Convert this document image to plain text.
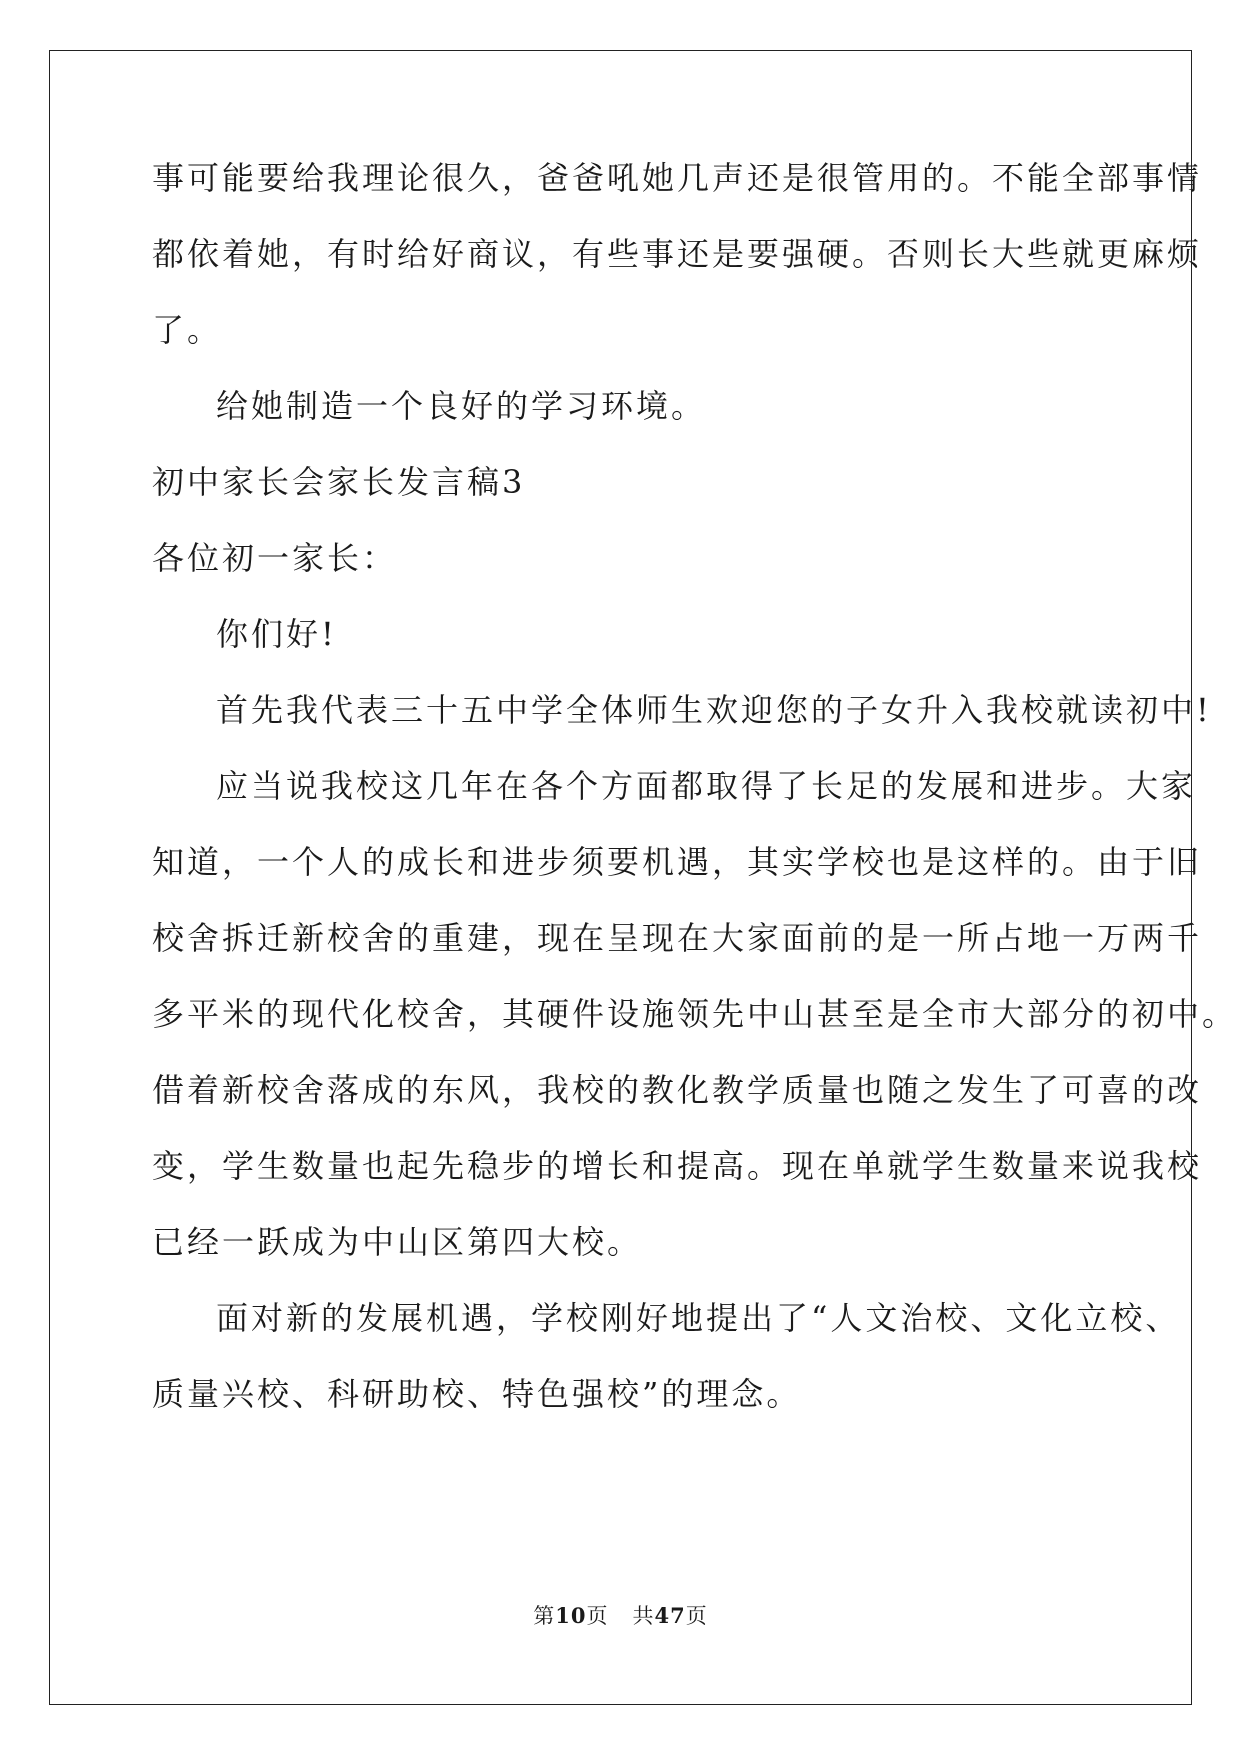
事可能要给我理论很久，爸爸吼她几声还是很管用的。不能全部事情
都依着她，有时给好商议，有些事还是要强硬。否则长大些就更麻烦
了。
给她制造一个良好的学习环境。
初中家长会家长发言稿3
各位初一家长：
你们好!
首先我代表三十五中学全体师生欢迎您的子女升入我校就读初中!
应当说我校这几年在各个方面都取得了长足的发展和进步。大家
知道，一个人的成长和进步须要机遇，其实学校也是这样的。由于旧
校舍拆迁新校舍的重建，现在呈现在大家面前的是一所占地一万两千
多平米的现代化校舍，其硬件设施领先中山甚至是全市大部分的初中。
借着新校舍落成的东风，我校的教化教学质量也随之发生了可喜的改
变，学生数量也起先稳步的增长和提高。现在单就学生数量来说我校
已经一跃成为中山区第四大校。
面对新的发展机遇，学校刚好地提出了“人文治校、文化立校、
质量兴校、科研助校、特色强校”的理念。
第10页 共47页
